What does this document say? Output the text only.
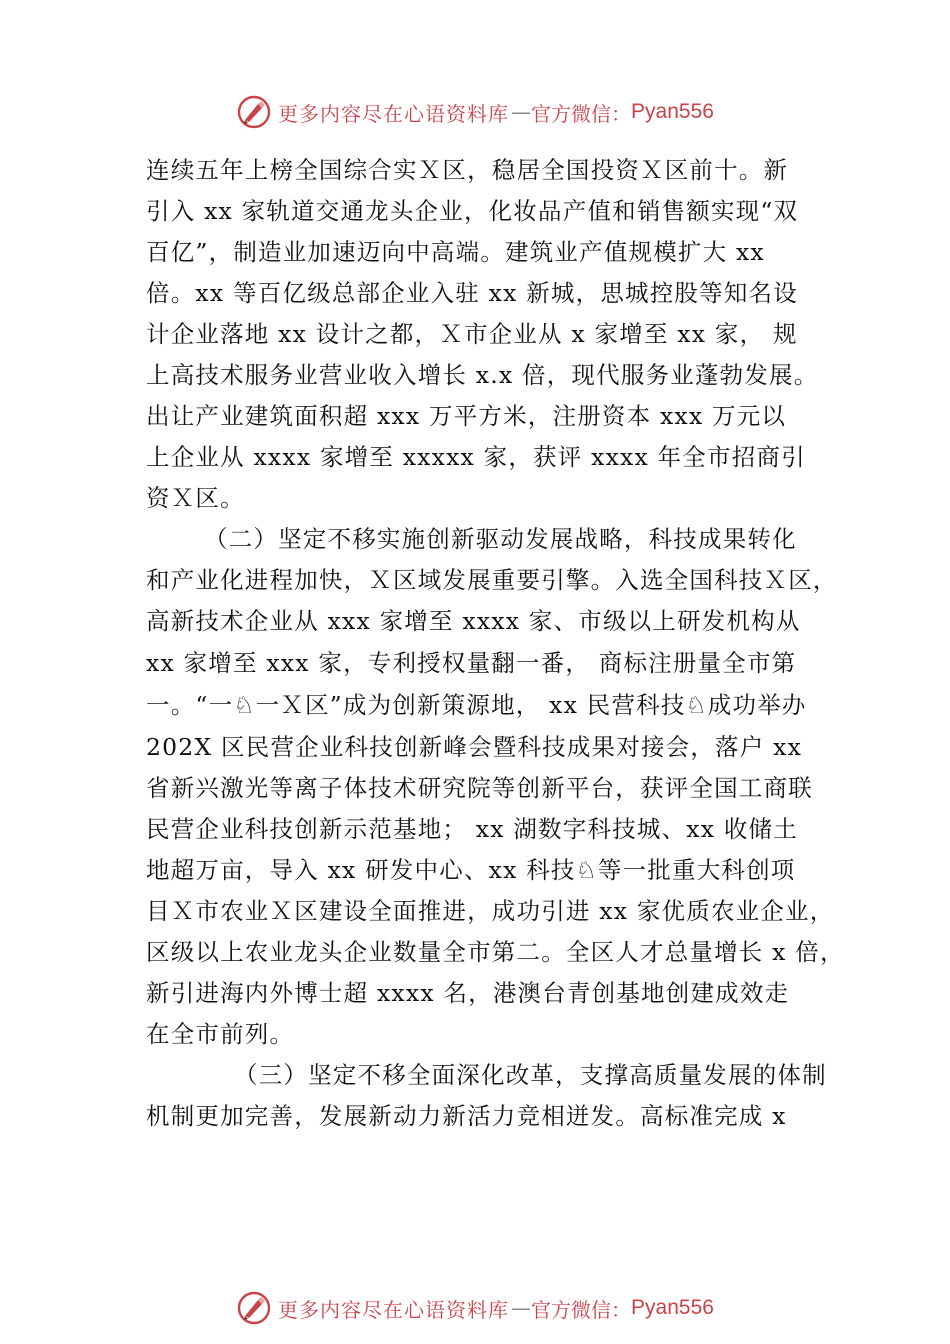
更多内容尽在心语资料库 — 官方微信： Pyan556
连续五年上榜全国综合实Ｘ区，稳居全国投资Ｘ区前十。新
引入 xx 家轨道交通龙头企业，化妆品产值和销售额实现“双
百亿”，制造业加速迈向中高端。建筑业产值规模扩大 xx
倍。xx 等百亿级总部企业入驻 xx 新城，思城控股等知名设
计企业落地 xx 设计之都，Ｘ市企业从 x 家增至 xx 家， 规
上高技术服务业营业收入增长 x.x 倍，现代服务业蓬勃发展。
出让产业建筑面积超 xxx 万平方米，注册资本 xxx 万元以
上企业从 xxxx 家增至 xxxxx 家，获评 xxxx 年全市招商引
资Ｘ区。
（二）坚定不移实施创新驱动发展战略，科技成果转化
和产业化进程加快，Ｘ区域发展重要引擎。入选全国科技Ｘ区，
高新技术企业从 xxx 家增至 xxxx 家、市级以上研发机构从
xx 家增至 xxx 家，专利授权量翻一番， 商标注册量全市第
一。“一♘一Ｘ区”成为创新策源地， xx 民营科技♘成功举办
202X 区民营企业科技创新峰会暨科技成果对接会，落户 xx
省新兴激光等离子体技术研究院等创新平台，获评全国工商联
民营企业科技创新示范基地； xx 湖数字科技城、xx 收储土
地超万亩，导入 xx 研发中心、xx 科技♘等一批重大科创项
目Ｘ市农业Ｘ区建设全面推进，成功引进 xx 家优质农业企业，
区级以上农业龙头企业数量全市第二。全区人才总量增长 x 倍，
新引进海内外博士超 xxxx 名，港澳台青创基地创建成效走
在全市前列。
（三）坚定不移全面深化改革，支撑高质量发展的体制
机制更加完善，发展新动力新活力竞相迸发。高标准完成 x
更多内容尽在心语资料库 — 官方微信： Pyan556
